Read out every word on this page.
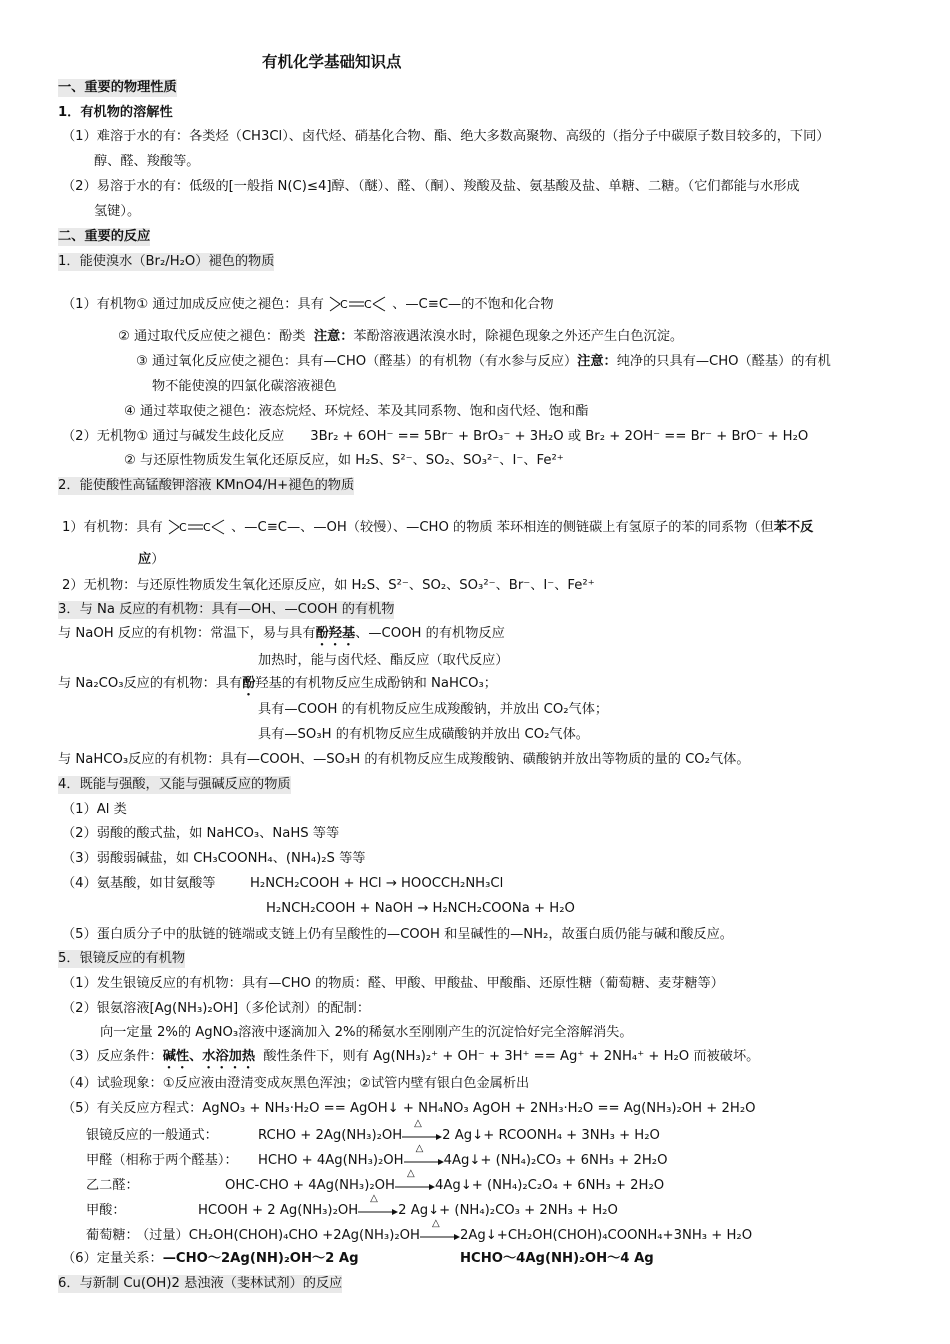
有机化学基础知识点
一、重要的物理性质
1．有机物的溶解性
（1）难溶于水的有：各类烃（CH3Cl）、卤代烃、硝基化合物、酯、绝大多数高聚物、高级的（指分子中碳原子数目较多的，下同）
醇、醛、羧酸等。
（2）易溶于水的有：低级的[一般指 N(C)≤4]醇、（醚）、醛、（酮）、羧酸及盐、氨基酸及盐、单糖、二糖。（它们都能与水形成
氢键）。
二、重要的反应
1．能使溴水（Br₂/H₂O）褪色的物质
（1）有机物① 通过加成反应使之褪色：具有 C C 、—C≡C—的不饱和化合物
② 通过取代反应使之褪色：酚类 注意：苯酚溶液遇浓溴水时，除褪色现象之外还产生白色沉淀。
③ 通过氧化反应使之褪色：具有—CHO（醛基）的有机物（有水参与反应）注意：纯净的只具有—CHO（醛基）的有机
物不能使溴的四氯化碳溶液褪色
④ 通过萃取使之褪色：液态烷烃、环烷烃、苯及其同系物、饱和卤代烃、饱和酯
（2）无机物① 通过与碱发生歧化反应 3Br₂ + 6OH⁻ == 5Br⁻ + BrO₃⁻ + 3H₂O 或 Br₂ + 2OH⁻ == Br⁻ + BrO⁻ + H₂O
② 与还原性物质发生氧化还原反应，如 H₂S、S²⁻、SO₂、SO₃²⁻、I⁻、Fe²⁺
2．能使酸性高锰酸钾溶液 KMnO4/H+褪色的物质
1）有机物：具有 C C 、—C≡C—、—OH（较慢）、—CHO 的物质 苯环相连的侧链碳上有氢原子的苯的同系物（但苯不反
应）
2）无机物：与还原性物质发生氧化还原反应，如 H₂S、S²⁻、SO₂、SO₃²⁻、Br⁻、I⁻、Fe²⁺
3．与 Na 反应的有机物：具有—OH、—COOH 的有机物
与 NaOH 反应的有机物：常温下，易与具有酚羟基、—COOH 的有机物反应
加热时，能与卤代烃、酯反应（取代反应）
与 Na₂CO₃反应的有机物：具有酚羟基的有机物反应生成酚钠和 NaHCO₃；
具有—COOH 的有机物反应生成羧酸钠，并放出 CO₂气体；
具有—SO₃H 的有机物反应生成磺酸钠并放出 CO₂气体。
与 NaHCO₃反应的有机物：具有—COOH、—SO₃H 的有机物反应生成羧酸钠、磺酸钠并放出等物质的量的 CO₂气体。
4．既能与强酸，又能与强碱反应的物质
（1）Al 类
（2）弱酸的酸式盐，如 NaHCO₃、NaHS 等等
（3）弱酸弱碱盐，如 CH₃COONH₄、(NH₄)₂S 等等
（4）氨基酸，如甘氨酸等	H₂NCH₂COOH + HCl → HOOCCH₂NH₃Cl
H₂NCH₂COOH + NaOH → H₂NCH₂COONa + H₂O
（5）蛋白质分子中的肽链的链端或支链上仍有呈酸性的—COOH 和呈碱性的—NH₂，故蛋白质仍能与碱和酸反应。
5．银镜反应的有机物
（1）发生银镜反应的有机物：具有—CHO 的物质：醛、甲酸、甲酸盐、甲酸酯、还原性糖（葡萄糖、麦芽糖等）
（2）银氨溶液[Ag(NH₃)₂OH]（多伦试剂）的配制：
向一定量 2%的 AgNO₃溶液中逐滴加入 2%的稀氨水至刚刚产生的沉淀恰好完全溶解消失。
（3）反应条件：碱性、水浴加热 酸性条件下，则有 Ag(NH₃)₂⁺ + OH⁻ + 3H⁺ == Ag⁺ + 2NH₄⁺ + H₂O 而被破坏。
（4）试验现象：①反应液由澄清变成灰黑色浑浊；②试管内壁有银白色金属析出
（5）有关反应方程式：AgNO₃ + NH₃·H₂O == AgOH↓ + NH₄NO₃ AgOH + 2NH₃·H₂O == Ag(NH₃)₂OH + 2H₂O
银镜反应的一般通式：	RCHO + 2Ag(NH₃)₂OH
△
2 Ag↓+ RCOONH₄ + 3NH₃ + H₂O
甲醛（相称于两个醛基）： HCHO + 4Ag(NH₃)₂OH
△
4Ag↓+ (NH₄)₂CO₃ + 6NH₃ + 2H₂O
乙二醛：	OHC-CHO + 4Ag(NH₃)₂OH
△
4Ag↓+ (NH₄)₂C₂O₄ + 6NH₃ + 2H₂O
甲酸：	HCOOH + 2 Ag(NH₃)₂OH
△
2 Ag↓+ (NH₄)₂CO₃ + 2NH₃ + H₂O
葡萄糖：
（过量）CH₂OH(CHOH)₄CHO +2Ag(NH₃)₂OH
△
2Ag↓+CH₂OH(CHOH)₄COONH₄+3NH₃ + H₂O
（6）定量关系：—CHO～2Ag(NH)₂OH～2 Ag	HCHO～4Ag(NH)₂OH～4 Ag
6．与新制 Cu(OH)2 悬浊液（斐林试剂）的反应
